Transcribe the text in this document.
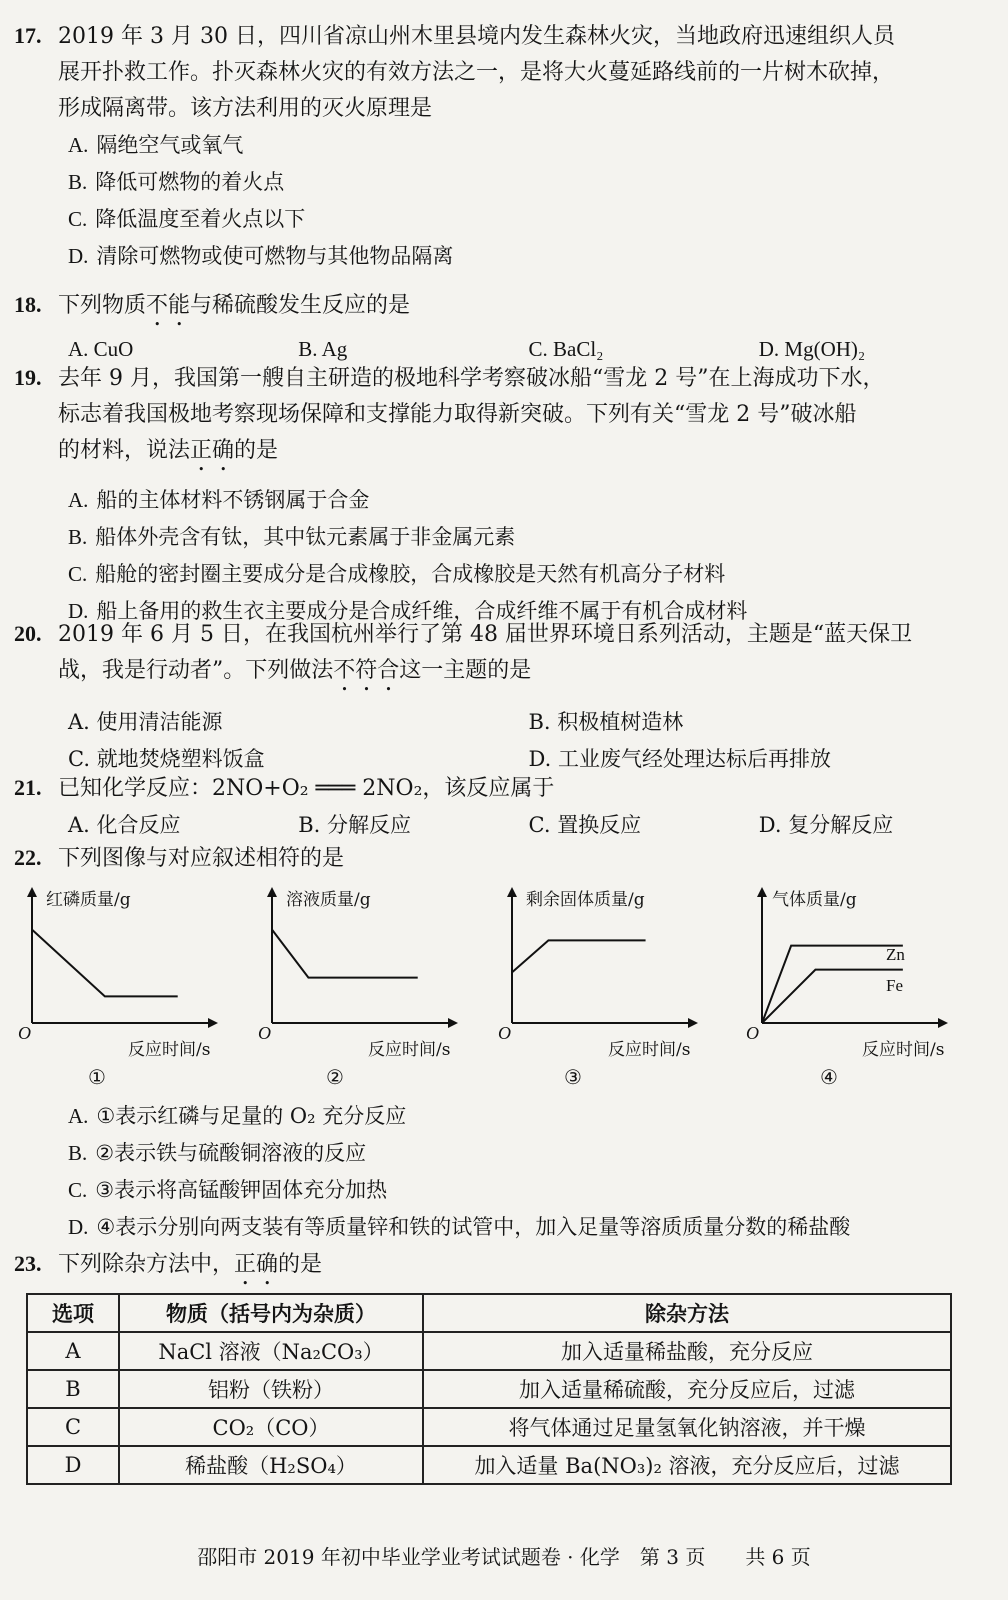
17. 2019 年 3 月 30 日，四川省凉山州木里县境内发生森林火灾，当地政府迅速组织人员
展开扑救工作。扑灭森林火灾的有效方法之一，是将大火蔓延路线前的一片树木砍掉，
形成隔离带。该方法利用的灭火原理是
A. 隔绝空气或氧气
B. 降低可燃物的着火点
C. 降低温度至着火点以下
D. 清除可燃物或使可燃物与其他物品隔离
18. 下列物质不能与稀硫酸发生反应的是
A. CuO	B. Ag	C. BaCl₂	D. Mg(OH)₂
19. 去年 9 月，我国第一艘自主研造的极地科学考察破冰船“雪龙 2 号”在上海成功下水，
标志着我国极地考察现场保障和支撑能力取得新突破。下列有关“雪龙 2 号”破冰船
的材料，说法正确的是
A. 船的主体材料不锈钢属于合金
B. 船体外壳含有钛，其中钛元素属于非金属元素
C. 船舱的密封圈主要成分是合成橡胶，合成橡胶是天然有机高分子材料
D. 船上备用的救生衣主要成分是合成纤维，合成纤维不属于有机合成材料
20. 2019 年 6 月 5 日，在我国杭州举行了第 48 届世界环境日系列活动，主题是“蓝天保卫
战，我是行动者”。下列做法不符合这一主题的是
A. 使用清洁能源	B. 积极植树造林
C. 就地焚烧塑料饭盒	D. 工业废气经处理达标后再排放
21. 已知化学反应：2NO+O₂ ═══ 2NO₂，该反应属于
A. 化合反应	B. 分解反应	C. 置换反应	D. 复分解反应
22. 下列图像与对应叙述相符的是
红磷质量/g
O
反应时间/s
①
溶液质量/g
O
反应时间/s
②
剩余固体质量/g
O
反应时间/s
③
气体质量/g
O
反应时间/s
④
Zn
Fe
A. ①表示红磷与足量的 O₂ 充分反应
B. ②表示铁与硫酸铜溶液的反应
C. ③表示将高锰酸钾固体充分加热
D. ④表示分别向两支装有等质量锌和铁的试管中，加入足量等溶质质量分数的稀盐酸
23. 下列除杂方法中，正确的是
选项	物质（括号内为杂质）	除杂方法
A	NaCl 溶液（Na₂CO₃）	加入适量稀盐酸，充分反应
B	铝粉（铁粉）	加入适量稀硫酸，充分反应后，过滤
C	CO₂（CO）	将气体通过足量氢氧化钠溶液，并干燥
D	稀盐酸（H₂SO₄）	加入适量 Ba(NO₃)₂ 溶液，充分反应后，过滤
邵阳市 2019 年初中毕业学业考试试题卷 · 化学　第 3 页　　共 6 页
